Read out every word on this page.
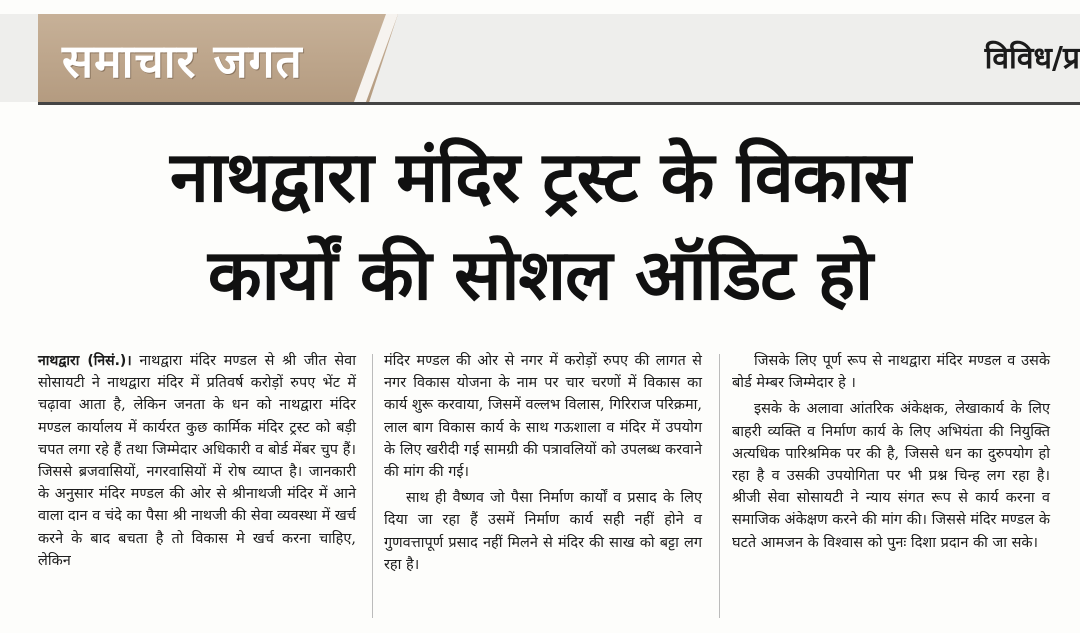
समाचार जगत	विविध/प्र
नाथद्वारा मंदिर ट्रस्ट के विकास
कार्यों की सोशल ऑडिट हो

नाथद्वारा (निसं.)। नाथद्वारा मंदिर मण्डल से श्री जीत सेवा सोसायटी ने नाथद्वारा मंदिर में प्रतिवर्ष करोड़ों रुपए भेंट में चढ़ावा आता है, लेकिन जनता के धन को नाथद्वारा मंदिर मण्डल कार्यालय में कार्यरत कुछ कार्मिक मंदिर ट्रस्ट को बड़ी चपत लगा रहे हैं तथा जिम्मेदार अधिकारी व बोर्ड मेंबर चुप हैं। जिससे ब्रजवासियों, नगरवासियों में रोष व्याप्त है। जानकारी के अनुसार मंदिर मण्डल की ओर से श्रीनाथजी मंदिर में आने वाला दान व चंदे का पैसा श्री नाथजी की सेवा व्यवस्था में खर्च करने के बाद बचता है तो विकास मे खर्च करना चाहिए, लेकिन

मंदिर मण्डल की ओर से नगर में करोड़ों रुपए की लागत से नगर विकास योजना के नाम पर चार चरणों में विकास का कार्य शुरू करवाया, जिसमें वल्लभ विलास, गिरिराज परिक्रमा, लाल बाग विकास कार्य के साथ गऊशाला व मंदिर में उपयोग के लिए खरीदी गई सामग्री की पत्रावलियों को उपलब्ध करवाने की मांग की गई।

साथ ही वैष्णव जो पैसा निर्माण कार्यों व प्रसाद के लिए दिया जा रहा हैं उसमें निर्माण कार्य सही नहीं होने व गुणवत्तापूर्ण प्रसाद नहीं मिलने से मंदिर की साख को बट्टा लग रहा है।

जिसके लिए पूर्ण रूप से नाथद्वारा मंदिर मण्डल व उसके बोर्ड मेम्बर जिम्मेदार हे ।

इसके के अलावा आंतरिक अंकेक्षक, लेखाकार्य के लिए बाहरी व्यक्ति व निर्माण कार्य के लिए अभियंता की नियुक्ति अत्यधिक पारिश्रमिक पर की है, जिससे धन का दुरुपयोग हो रहा है व उसकी उपयोगिता पर भी प्रश्न चिन्ह लग रहा है। श्रीजी सेवा सोसायटी ने न्याय संगत रूप से कार्य करना व समाजिक अंकेक्षण करने की मांग की। जिससे मंदिर मण्डल के घटते आमजन के विश्वास को पुनः दिशा प्रदान की जा सके।
